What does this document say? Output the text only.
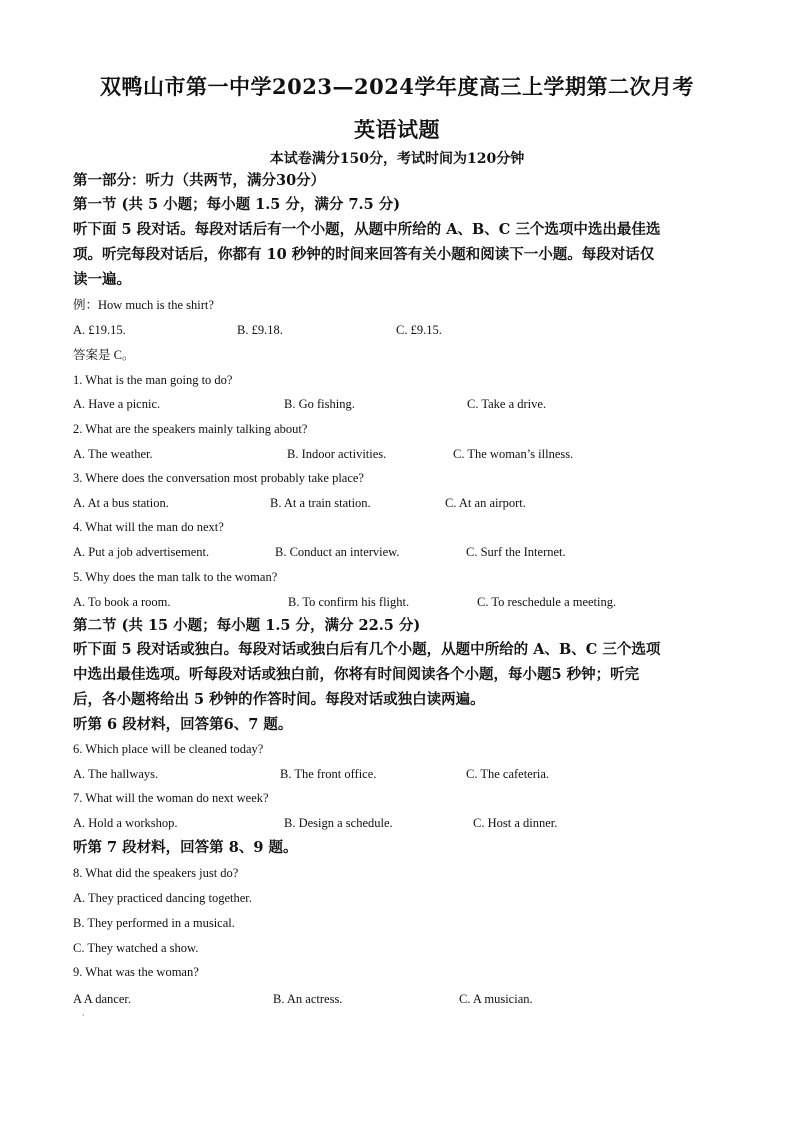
双鸭山市第一中学2023—2024学年度高三上学期第二次月考
英语试题
本试卷满分150分，考试时间为120分钟
第一部分：听力（共两节，满分30分）
第一节 (共 5 小题；每小题 1.5 分，满分 7.5 分)
听下面 5 段对话。每段对话后有一个小题，从题中所给的 A、B、C 三个选项中选出最佳选
项。听完每段对话后，你都有 10 秒钟的时间来回答有关小题和阅读下一小题。每段对话仅
读一遍。
例：How much is the shirt?
A. £19.15.	B. £9.18.	C. £9.15.
答案是 C。
1. What is the man going to do?
A. Have a picnic.	B. Go fishing.	C. Take a drive.
2. What are the speakers mainly talking about?
A. The weather.	B. Indoor activities.	C. The woman’s illness.
3. Where does the conversation most probably take place?
A. At a bus station.	B. At a train station.	C. At an airport.
4. What will the man do next?
A. Put a job advertisement.	B. Conduct an interview.	C. Surf the Internet.
5. Why does the man talk to the woman?
A. To book a room.	B. To confirm his flight.	C. To reschedule a meeting.
第二节 (共 15 小题；每小题 1.5 分，满分 22.5 分)
听下面 5 段对话或独白。每段对话或独白后有几个小题，从题中所给的 A、B、C 三个选项
中选出最佳选项。听每段对话或独白前，你将有时间阅读各个小题，每小题5 秒钟；听完
后，各小题将给出 5 秒钟的作答时间。每段对话或独白读两遍。
听第 6 段材料，回答第6、7 题。
6. Which place will be cleaned today?
A. The hallways.	B. The front office.	C. The cafeteria.
7. What will the woman do next week?
A. Hold a workshop.	B. Design a schedule.	C. Host a dinner.
听第 7 段材料，回答第 8、9 题。
8. What did the speakers just do?
A. They practiced dancing together.
B. They performed in a musical.
C. They watched a show.
9. What was the woman?
A A dancer.	B. An actress.	C. A musician.
·
